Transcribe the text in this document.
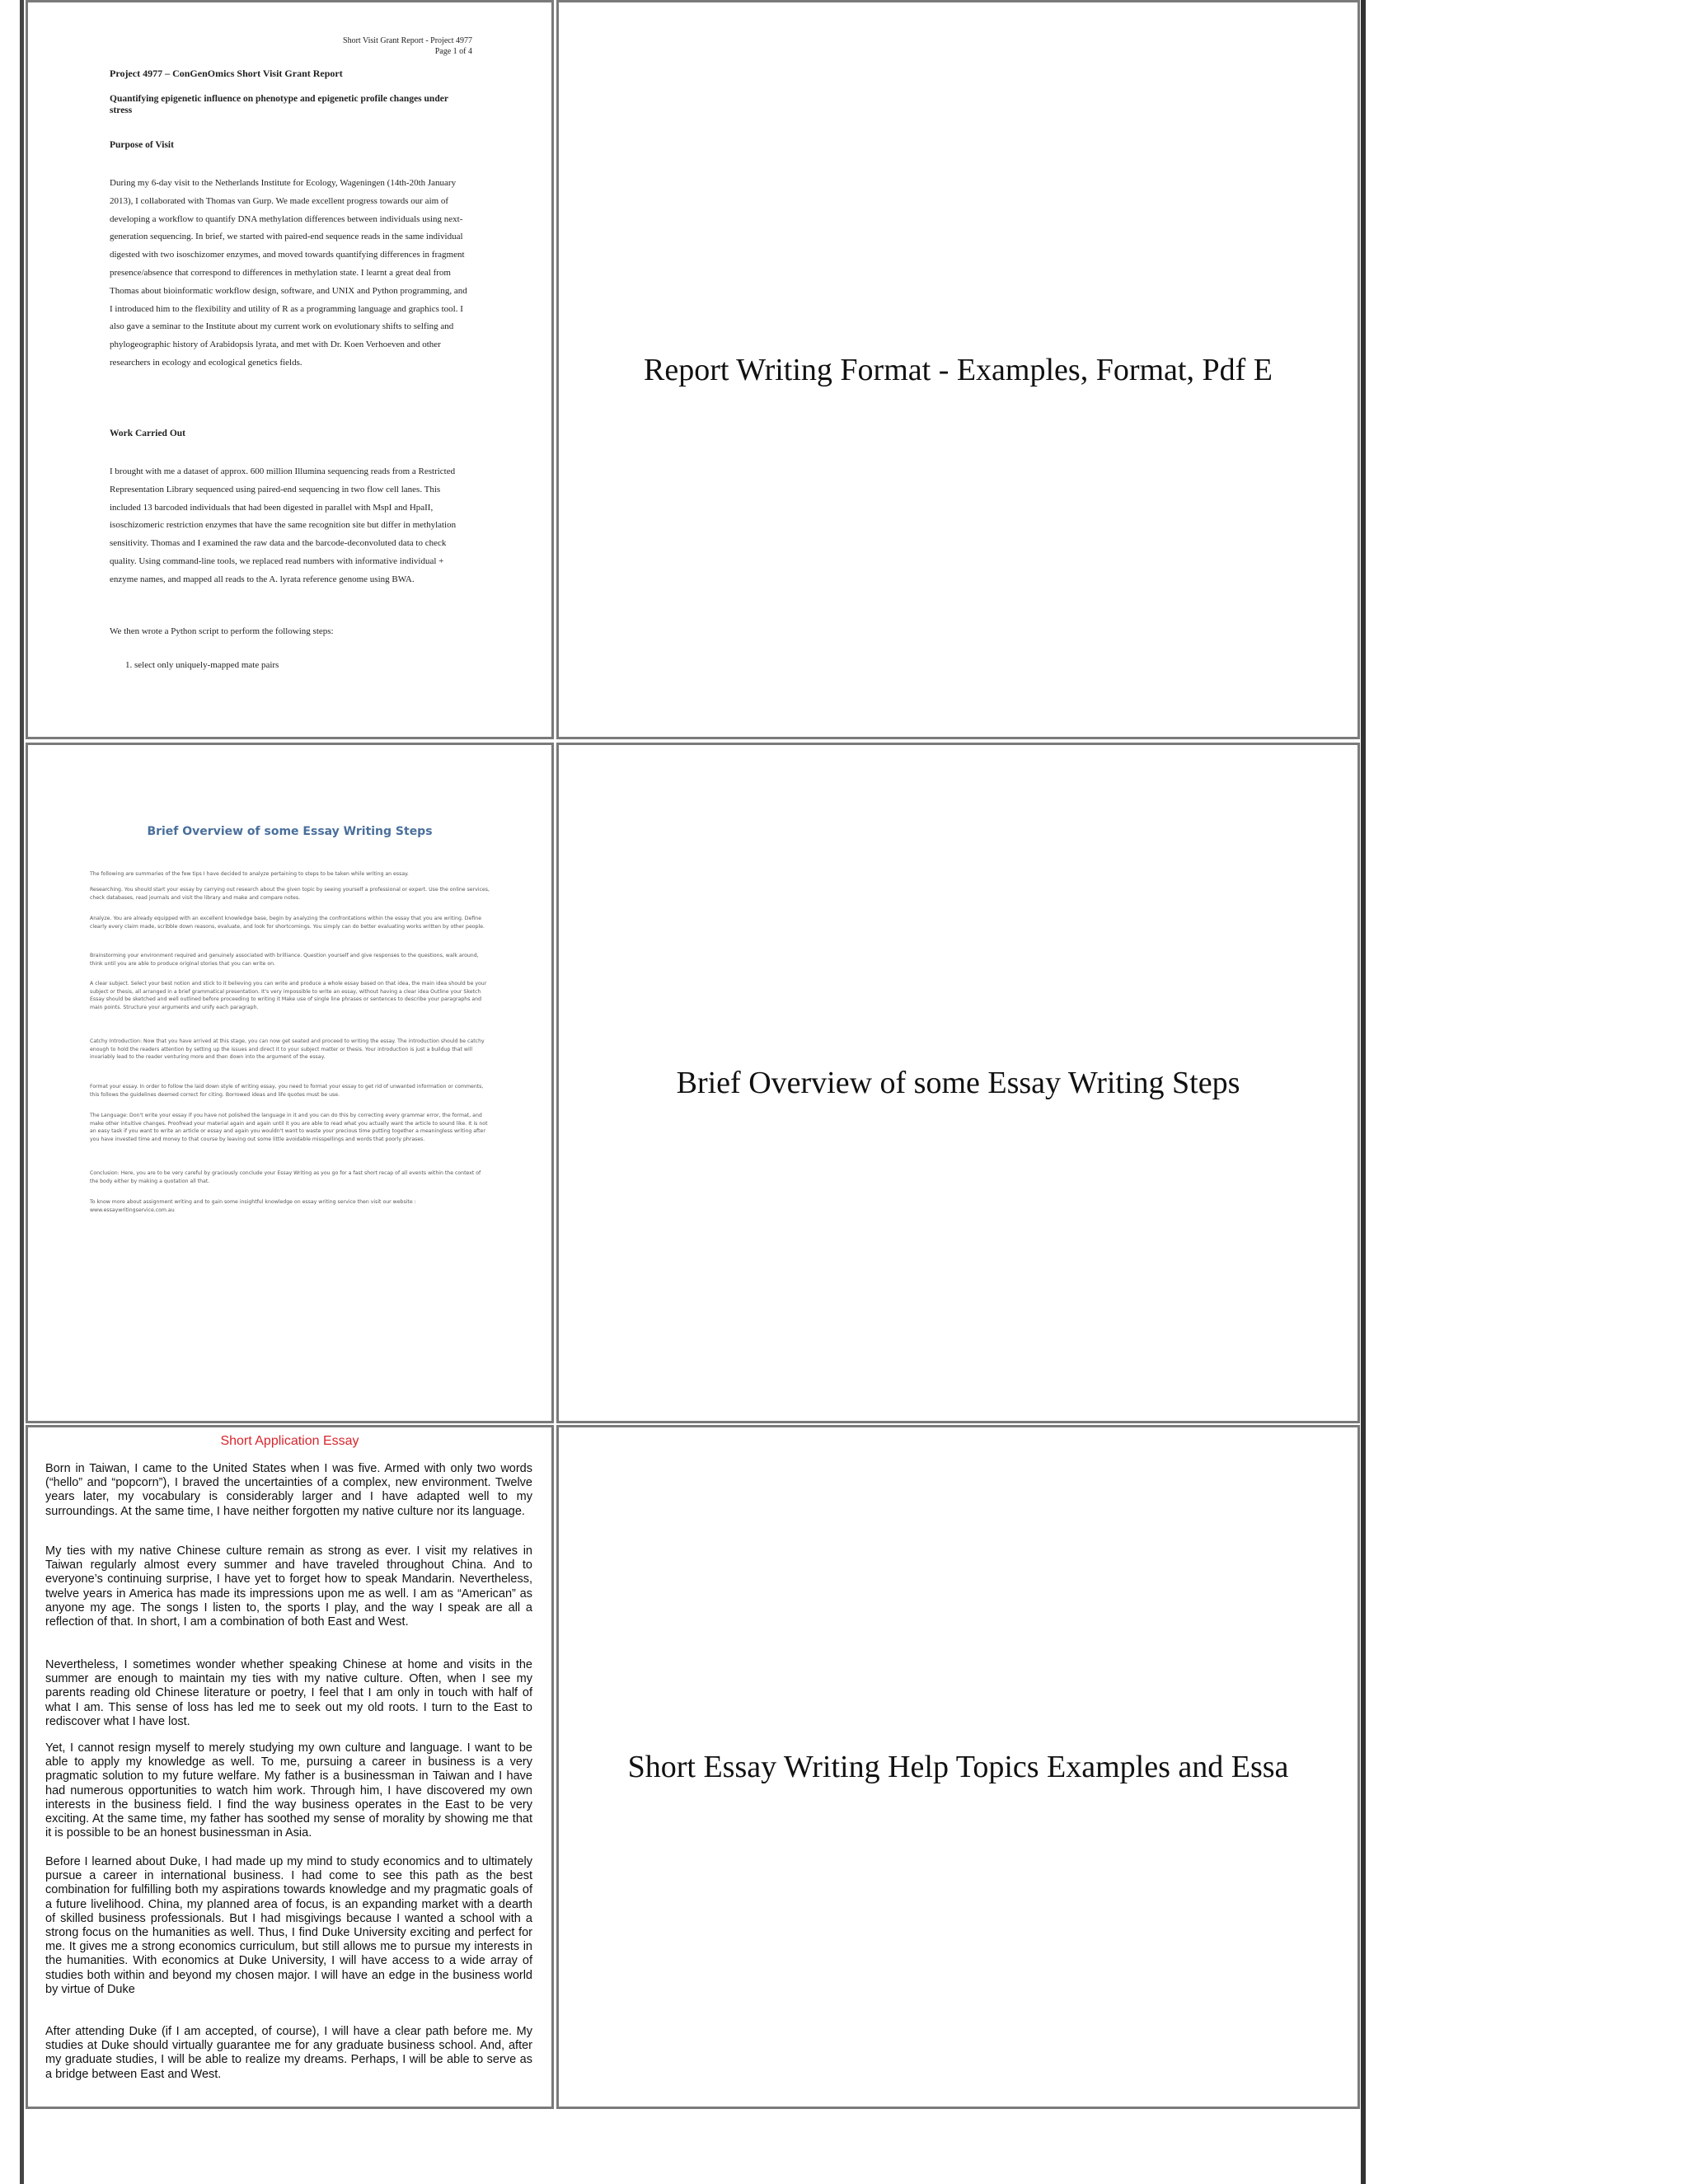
Short Visit Grant Report - Project 4977
Page 1 of 4
Project 4977 – ConGenOmics Short Visit Grant Report
Quantifying epigenetic influence on phenotype and epigenetic profile changes under stress
Purpose of Visit
During my 6-day visit to the Netherlands Institute for Ecology, Wageningen (14th-20th January 2013), I collaborated with Thomas van Gurp. We made excellent progress towards our aim of developing a workflow to quantify DNA methylation differences between individuals using next-generation sequencing. In brief, we started with paired-end sequence reads in the same individual digested with two isoschizomer enzymes, and moved towards quantifying differences in fragment presence/absence that correspond to differences in methylation state. I learnt a great deal from Thomas about bioinformatic workflow design, software, and UNIX and Python programming, and I introduced him to the flexibility and utility of R as a programming language and graphics tool. I also gave a seminar to the Institute about my current work on evolutionary shifts to selfing and phylogeographic history of Arabidopsis lyrata, and met with Dr. Koen Verhoeven and other researchers in ecology and ecological genetics fields.
Work Carried Out
I brought with me a dataset of approx. 600 million Illumina sequencing reads from a Restricted Representation Library sequenced using paired-end sequencing in two flow cell lanes. This included 13 barcoded individuals that had been digested in parallel with MspI and HpaII, isoschizomeric restriction enzymes that have the same recognition site but differ in methylation sensitivity. Thomas and I examined the raw data and the barcode-deconvoluted data to check quality. Using command-line tools, we replaced read numbers with informative individual + enzyme names, and mapped all reads to the A. lyrata reference genome using BWA.
We then wrote a Python script to perform the following steps:
1. select only uniquely-mapped mate pairs
Report Writing Format - Examples, Format, Pdf E
Brief Overview of some Essay Writing Steps
The following are summaries of the few tips I have decided to analyze pertaining to steps to be taken while writing an essay.
Researching. You should start your essay by carrying out research about the given topic by seeing yourself a professional or expert. Use the online services, check databases, read journals and visit the library and make and compare notes.
Analyze. You are already equipped with an excellent knowledge base, begin by analyzing the confrontations within the essay that you are writing. Define clearly every claim made, scribble down reasons, evaluate, and look for shortcomings. You simply can do better evaluating works written by other people.
Brainstorming your environment required and genuinely associated with brilliance. Question yourself and give responses to the questions, walk around, think until you are able to produce original stories that you can write on.
A clear subject. Select your best notion and stick to it believing you can write and produce a whole essay based on that idea, the main idea should be your subject or thesis, all arranged in a brief grammatical presentation. It's very impossible to write an essay, without having a clear idea Outline your Sketch Essay should be sketched and well outlined before proceeding to writing it Make use of single line phrases or sentences to describe your paragraphs and main points. Structure your arguments and unify each paragraph.
Catchy Introduction: Now that you have arrived at this stage, you can now get seated and proceed to writing the essay. The introduction should be catchy enough to hold the readers attention by setting up the issues and direct it to your subject matter or thesis. Your introduction is just a buildup that will invariably lead to the reader venturing more and then down into the argument of the essay.
Format your essay. In order to follow the laid down style of writing essay, you need to format your essay to get rid of unwanted information or comments, this follows the guidelines deemed correct for citing. Borrowed ideas and life quotes must be use.
The Language: Don't write your essay if you have not polished the language in it and you can do this by correcting every grammar error, the format, and make other intuitive changes. Proofread your material again and again until it you are able to read what you actually want the article to sound like. It is not an easy task if you want to write an article or essay and again you wouldn't want to waste your precious time putting together a meaningless writing after you have invested time and money to that course by leaving out some little avoidable misspellings and words that poorly phrases.
Conclusion: Here, you are to be very careful by graciously conclude your Essay Writing as you go for a fast short recap of all events within the context of the body either by making a quotation all that.
To know more about assignment writing and to gain some insightful knowledge on essay writing service then visit our website : www.essaywritingservice.com.au
Brief Overview of some Essay Writing Steps
Short Application Essay
Born in Taiwan, I came to the United States when I was five. Armed with only two words (“hello” and “popcorn”), I braved the uncertainties of a complex, new environment. Twelve years later, my vocabulary is considerably larger and I have adapted well to my surroundings. At the same time, I have neither forgotten my native culture nor its language.
My ties with my native Chinese culture remain as strong as ever. I visit my relatives in Taiwan regularly almost every summer and have traveled throughout China. And to everyone’s continuing surprise, I have yet to forget how to speak Mandarin. Nevertheless, twelve years in America has made its impressions upon me as well. I am as “American” as anyone my age. The songs I listen to, the sports I play, and the way I speak are all a reflection of that. In short, I am a combination of both East and West.
Nevertheless, I sometimes wonder whether speaking Chinese at home and visits in the summer are enough to maintain my ties with my native culture. Often, when I see my parents reading old Chinese literature or poetry, I feel that I am only in touch with half of what I am. This sense of loss has led me to seek out my old roots. I turn to the East to rediscover what I have lost.
Yet, I cannot resign myself to merely studying my own culture and language. I want to be able to apply my knowledge as well. To me, pursuing a career in business is a very pragmatic solution to my future welfare. My father is a businessman in Taiwan and I have had numerous opportunities to watch him work. Through him, I have discovered my own interests in the business field. I find the way business operates in the East to be very exciting. At the same time, my father has soothed my sense of morality by showing me that it is possible to be an honest businessman in Asia.
Before I learned about Duke, I had made up my mind to study economics and to ultimately pursue a career in international business. I had come to see this path as the best combination for fulfilling both my aspirations towards knowledge and my pragmatic goals of a future livelihood. China, my planned area of focus, is an expanding market with a dearth of skilled business professionals. But I had misgivings because I wanted a school with a strong focus on the humanities as well. Thus, I find Duke University exciting and perfect for me. It gives me a strong economics curriculum, but still allows me to pursue my interests in the humanities. With economics at Duke University, I will have access to a wide array of studies both within and beyond my chosen major. I will have an edge in the business world by virtue of Duke
After attending Duke (if I am accepted, of course), I will have a clear path before me. My studies at Duke should virtually guarantee me for any graduate business school. And, after my graduate studies, I will be able to realize my dreams. Perhaps, I will be able to serve as a bridge between East and West.
Short Essay Writing Help Topics Examples and Essa
